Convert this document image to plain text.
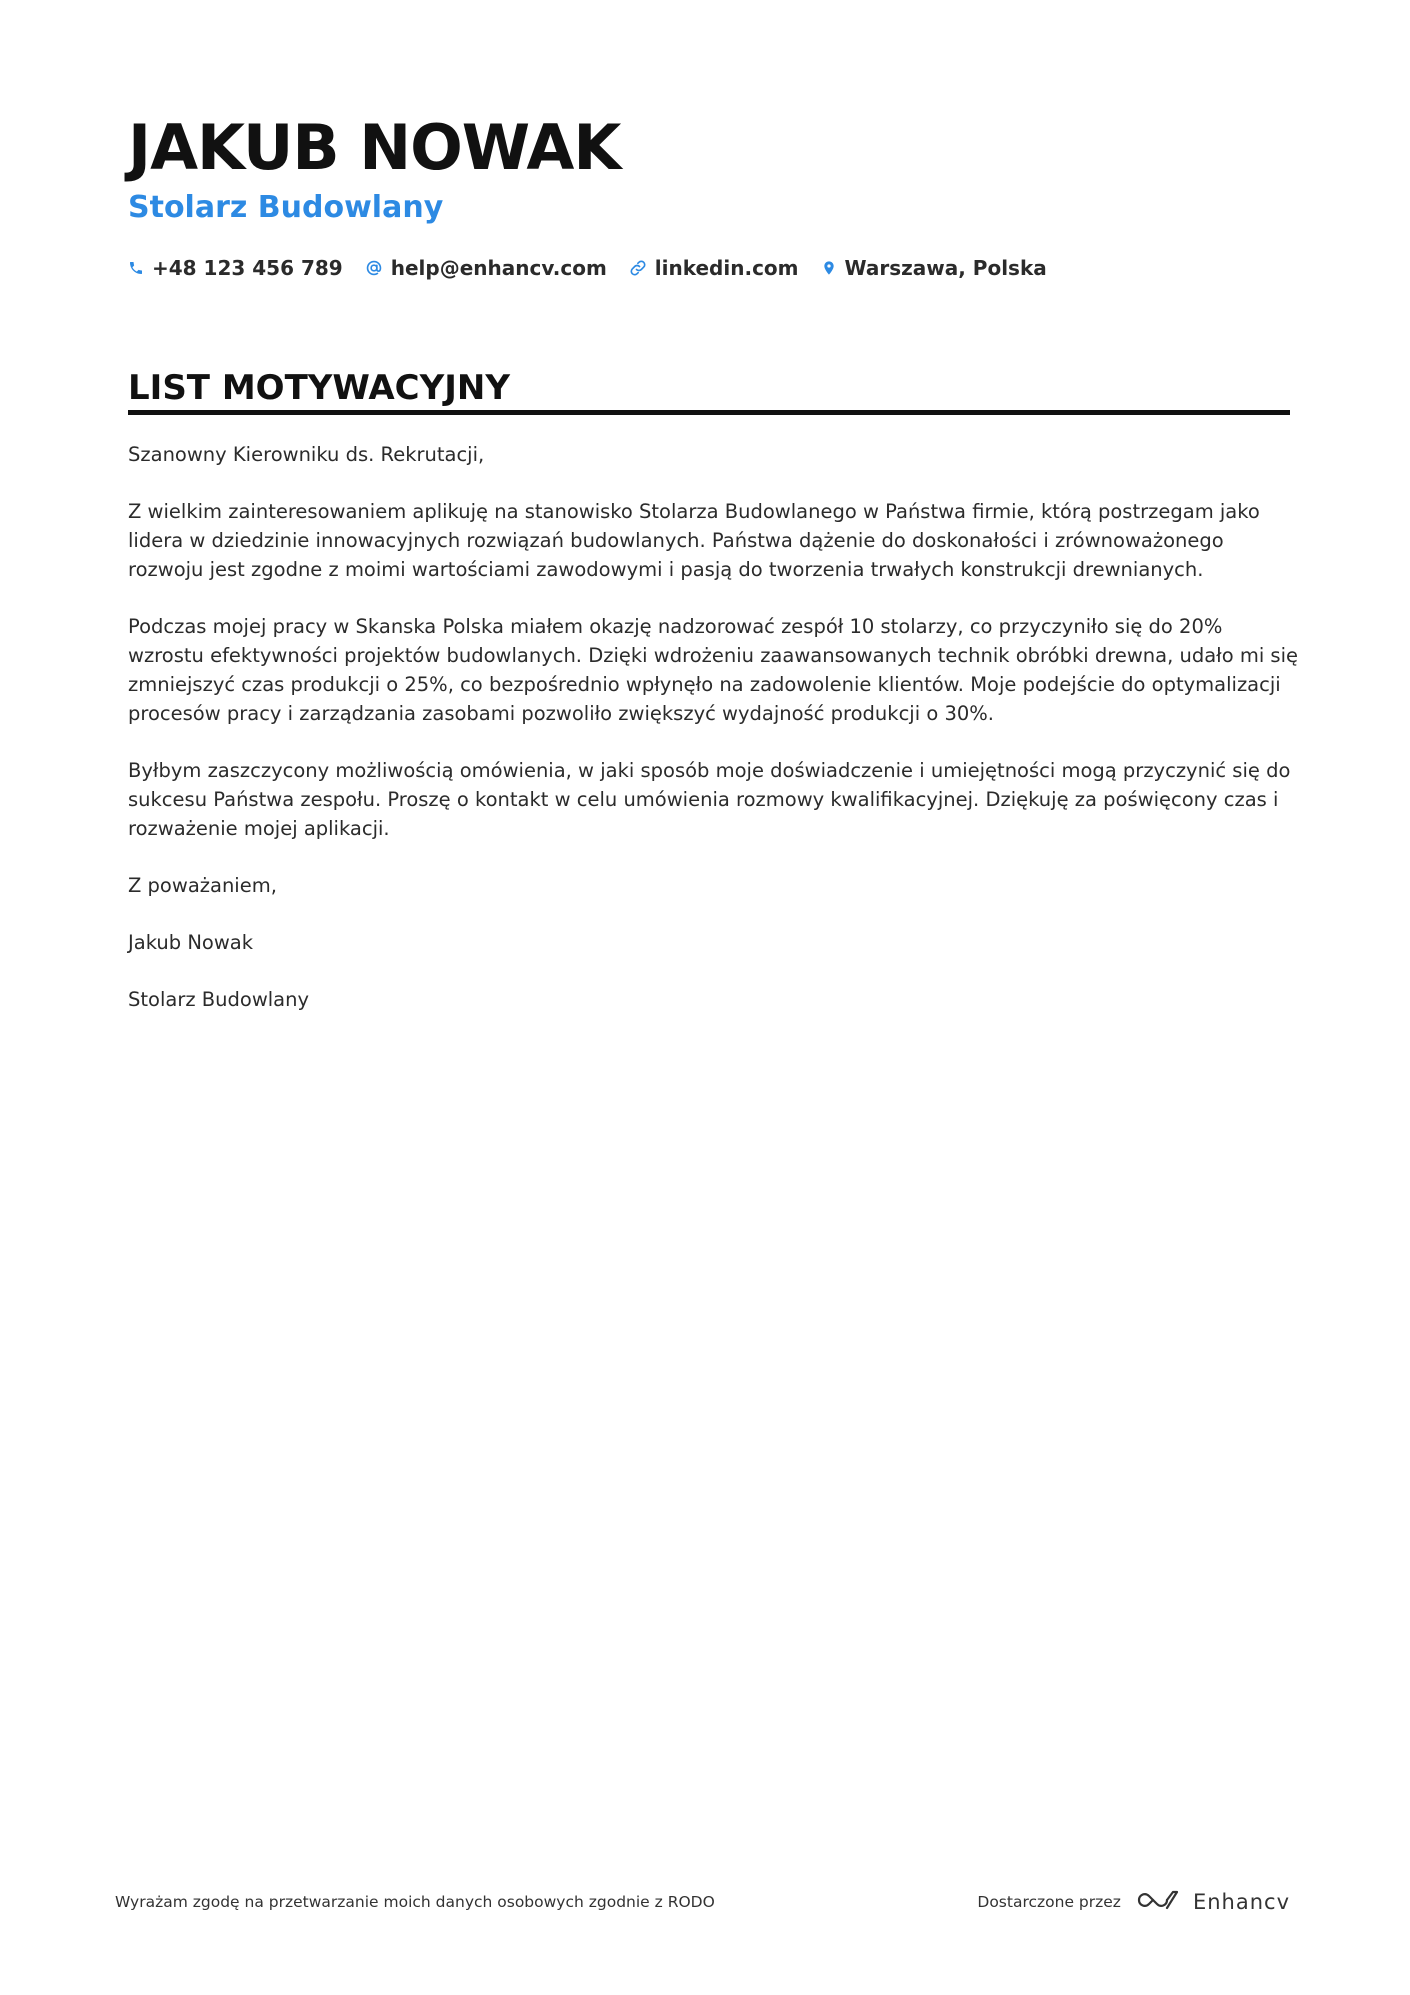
JAKUB NOWAK
Stolarz Budowlany
+48 123 456 789 help@enhancv.com linkedin.com Warszawa, Polska
LIST MOTYWACYJNY

Szanowny Kierowniku ds. Rekrutacji,

Z wielkim zainteresowaniem aplikuję na stanowisko Stolarza Budowlanego w Państwa firmie, którą postrzegam jako lidera w dziedzinie innowacyjnych rozwiązań budowlanych. Państwa dążenie do doskonałości i zrównoważonego rozwoju jest zgodne z moimi wartościami zawodowymi i pasją do tworzenia trwałych konstrukcji drewnianych.

Podczas mojej pracy w Skanska Polska miałem okazję nadzorować zespół 10 stolarzy, co przyczyniło się do 20% wzrostu efektywności projektów budowlanych. Dzięki wdrożeniu zaawansowanych technik obróbki drewna, udało mi się zmniejszyć czas produkcji o 25%, co bezpośrednio wpłynęło na zadowolenie klientów. Moje podejście do optymalizacji procesów pracy i zarządzania zasobami pozwoliło zwiększyć wydajność produkcji o 30%.

Byłbym zaszczycony możliwością omówienia, w jaki sposób moje doświadczenie i umiejętności mogą przyczynić się do sukcesu Państwa zespołu. Proszę o kontakt w celu umówienia rozmowy kwalifikacyjnej. Dziękuję za poświęcony czas i rozważenie mojej aplikacji.

Z poważaniem,

Jakub Nowak

Stolarz Budowlany

Wyrażam zgodę na przetwarzanie moich danych osobowych zgodnie z RODO	Dostarczone przez	Enhancv
